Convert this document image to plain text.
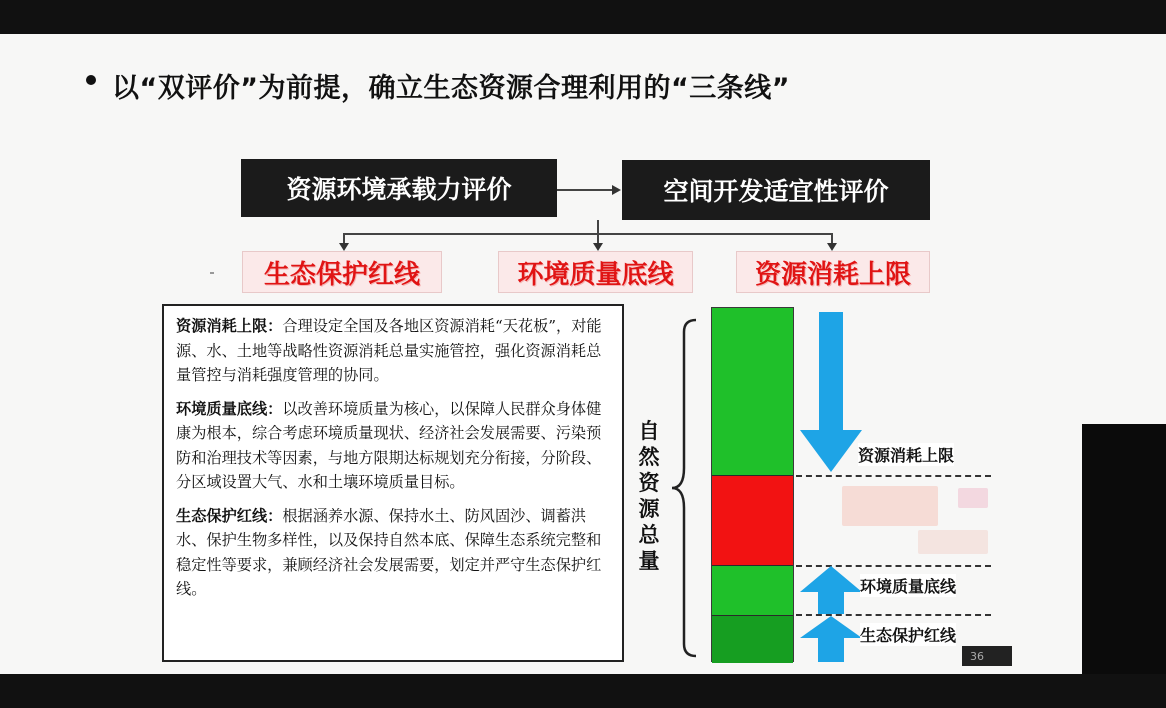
以“双评价”为前提，确立生态资源合理利用的“三条线”
资源环境承载力评价	空间开发适宜性评价
生态保护红线	环境质量底线	资源消耗上限

资源消耗上限：合理设定全国及各地区资源消耗“天花板”，对能源、水、土地等战略性资源消耗总量实施管控，强化资源消耗总量管控与消耗强度管理的协同。

环境质量底线：以改善环境质量为核心，以保障人民群众身体健康为根本，综合考虑环境质量现状、经济社会发展需要、污染预防和治理技术等因素，与地方限期达标规划充分衔接，分阶段、分区域设置大气、水和土壤环境质量目标。

生态保护红线：根据涵养水源、保持水土、防风固沙、调蓄洪水、保护生物多样性，以及保持自然本底、保障生态系统完整和稳定性等要求，兼顾经济社会发展需要，划定并严守生态保护红线。

自然资源总量
资源消耗上限
环境质量底线
生态保护红线
36
